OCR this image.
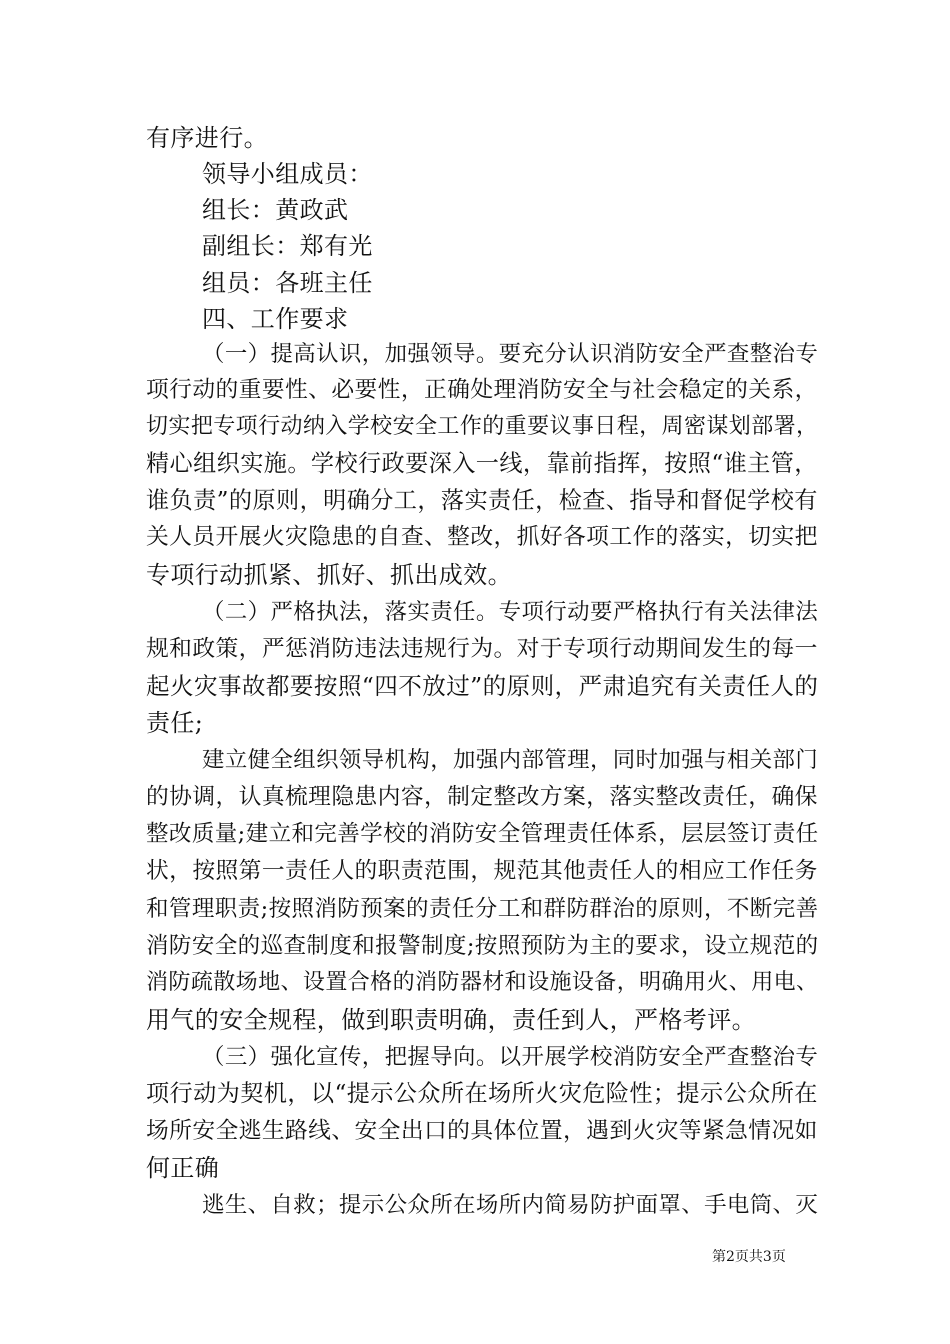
有序进行。

领导小组成员：

组长：黄政武

副组长：郑有光

组员：各班主任

四、工作要求

（一）提高认识，加强领导。要充分认识消防安全严查整治专

项行动的重要性、必要性，正确处理消防安全与社会稳定的关系，

切实把专项行动纳入学校安全工作的重要议事日程，周密谋划部署，

精心组织实施。学校行政要深入一线，靠前指挥，按照“谁主管，

谁负责”的原则，明确分工，落实责任，检查、指导和督促学校有

关人员开展火灾隐患的自查、整改，抓好各项工作的落实，切实把

专项行动抓紧、抓好、抓出成效。

（二）严格执法，落实责任。专项行动要严格执行有关法律法

规和政策，严惩消防违法违规行为。对于专项行动期间发生的每一

起火灾事故都要按照“四不放过”的原则，严肃追究有关责任人的

责任;

建立健全组织领导机构，加强内部管理，同时加强与相关部门

的协调，认真梳理隐患内容，制定整改方案，落实整改责任，确保

整改质量;建立和完善学校的消防安全管理责任体系，层层签订责任

状，按照第一责任人的职责范围，规范其他责任人的相应工作任务

和管理职责;按照消防预案的责任分工和群防群治的原则，不断完善

消防安全的巡查制度和报警制度;按照预防为主的要求，设立规范的

消防疏散场地、设置合格的消防器材和设施设备，明确用火、用电、

用气的安全规程，做到职责明确，责任到人，严格考评。

（三）强化宣传，把握导向。以开展学校消防安全严查整治专

项行动为契机，以“提示公众所在场所火灾危险性；提示公众所在

场所安全逃生路线、安全出口的具体位置，遇到火灾等紧急情况如

何正确

逃生、自救；提示公众所在场所内简易防护面罩、手电筒、灭

第2页共3页
